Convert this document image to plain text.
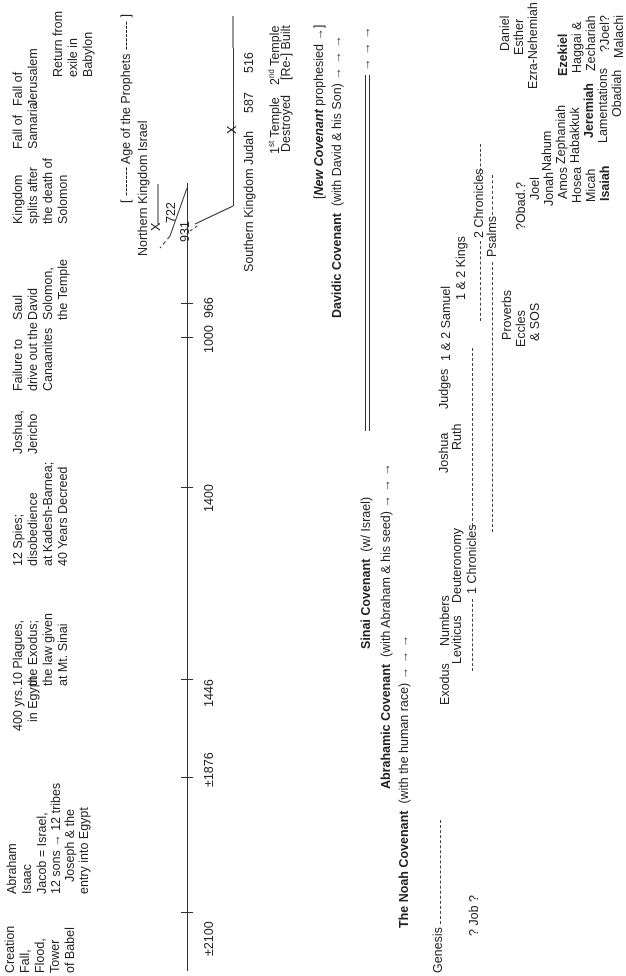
Creation Fall, Flood, Tower of Babel
Abraham Isaac Jacob = Israel, 12 sons → 12 tribes Joseph & the entry into Egypt
400 yrs. in Egypt
10 Plagues, the Exodus; the law given at Mt. Sinai
12 Spies; disobedience at Kadesh-Barnea; 40 Years Decreed
Joshua, Jericho
Failure to drive out the Canaanites
Saul David Solomon, the Temple
Kingdom splits after the death of Solomon
Fall of Samaria
Fall of Jerusalem
Return from exile in Babylon
±2100
±1876
1446
1400
1000
966
931
Northern Kingdom Israel X
722
[ ------- Age of the Prophets ------- ]	X
Southern Kingdom Judah
587
516
1st Temple
Destroyed
2nd Temple
[Re-] Built
[New Covenant prophesied →]
Davidic Covenant  (with David & his Son) → → →
Sinai Covenant  (w/ Israel)
→ → →
Abrahamic Covenant  (with Abraham & his seed) → → →
The Noah Covenant  (with the human race) → → →
Genesis
? Job ?
Exodus
Leviticus
Numbers
Deuteronomy 1 Chronicles
Joshua
Judges
Ruth
1 & 2 Samuel
1 & 2 Kings
2 Chronicles Psalms
Proverbs Eccles & SOS
?Obad.? Joel Jonah Amos Hosea Micah Isaiah
Nahum Zephaniah Habakkuk Jeremiah Lamentations Obadiah
Ezekiel Haggai & Zechariah ?Joel? Malachi
Daniel Esther Ezra-Nehemiah
